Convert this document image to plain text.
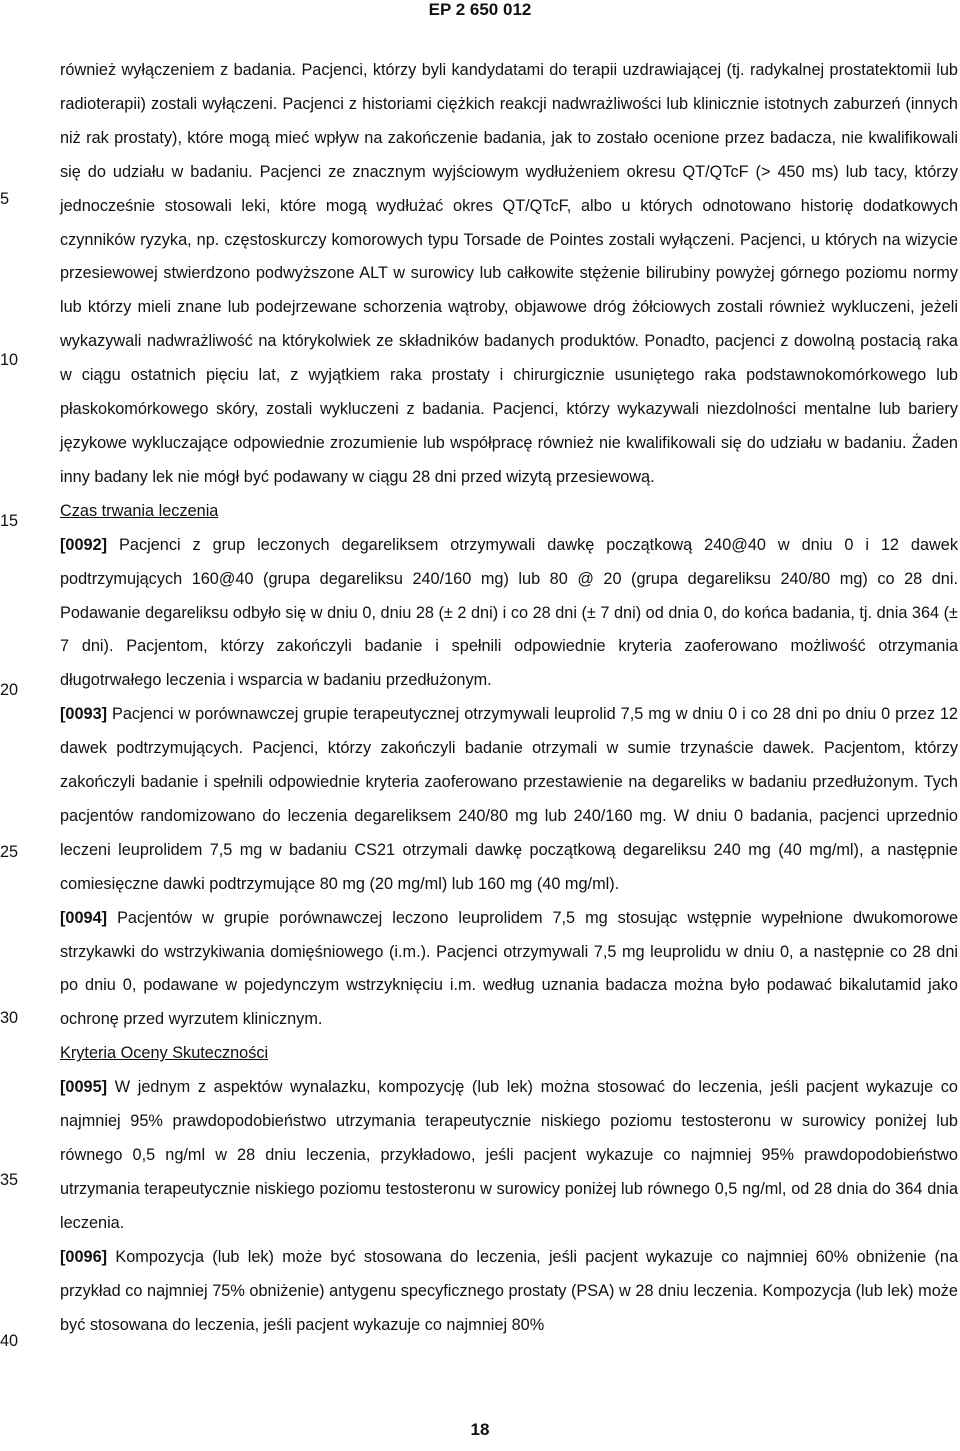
EP 2 650 012
5
10
15
20
25
30
35
40

również wyłączeniem z badania. Pacjenci, którzy byli kandydatami do terapii uzdrawiającej (tj. radykalnej prostatektomii lub radioterapii) zostali wyłączeni. Pacjenci z historiami ciężkich reakcji nadwrażliwości lub klinicznie istotnych zaburzeń (innych niż rak prostaty), które mogą mieć wpływ na zakończenie badania, jak to zostało ocenione przez badacza, nie kwalifikowali się do udziału w badaniu. Pacjenci ze znacznym wyjściowym wydłużeniem okresu QT/QTcF (> 450 ms) lub tacy, którzy jednocześnie stosowali leki, które mogą wydłużać okres QT/QTcF, albo u których odnotowano historię dodatkowych czynników ryzyka, np. częstoskurczy komorowych typu Torsade de Pointes zostali wyłączeni. Pacjenci, u których na wizycie przesiewowej stwierdzono podwyższone ALT w surowicy lub całkowite stężenie bilirubiny powyżej górnego poziomu normy lub którzy mieli znane lub podejrzewane schorzenia wątroby, objawowe dróg żółciowych zostali również wykluczeni, jeżeli wykazywali nadwrażliwość na którykolwiek ze składników badanych produktów. Ponadto, pacjenci z dowolną postacią raka w ciągu ostatnich pięciu lat, z wyjątkiem raka prostaty i chirurgicznie usuniętego raka podstawnokomórkowego lub płaskokomórkowego skóry, zostali wykluczeni z badania. Pacjenci, którzy wykazywali niezdolności mentalne lub bariery językowe wykluczające odpowiednie zrozumienie lub współpracę również nie kwalifikowali się do udziału w badaniu. Żaden inny badany lek nie mógł być podawany w ciągu 28 dni przed wizytą przesiewową.

Czas trwania leczenia

[0092] Pacjenci z grup leczonych degareliksem otrzymywali dawkę początkową 240@40 w dniu 0 i 12 dawek podtrzymujących 160@40 (grupa degareliksu 240/160 mg) lub 80 @ 20 (grupa degareliksu 240/80 mg) co 28 dni. Podawanie degareliksu odbyło się w dniu 0, dniu 28 (± 2 dni) i co 28 dni (± 7 dni) od dnia 0, do końca badania, tj. dnia 364 (± 7 dni). Pacjentom, którzy zakończyli badanie i spełnili odpowiednie kryteria zaoferowano możliwość otrzymania długotrwałego leczenia i wsparcia w badaniu przedłużonym.

[0093] Pacjenci w porównawczej grupie terapeutycznej otrzymywali leuprolid 7,5 mg w dniu 0 i co 28 dni po dniu 0 przez 12 dawek podtrzymujących. Pacjenci, którzy zakończyli badanie otrzymali w sumie trzynaście dawek. Pacjentom, którzy zakończyli badanie i spełnili odpowiednie kryteria zaoferowano przestawienie na degareliks w badaniu przedłużonym. Tych pacjentów randomizowano do leczenia degareliksem 240/80 mg lub 240/160 mg. W dniu 0 badania, pacjenci uprzednio leczeni leuprolidem 7,5 mg w badaniu CS21 otrzymali dawkę początkową degareliksu 240 mg (40 mg/ml), a następnie comiesięczne dawki podtrzymujące 80 mg (20 mg/ml) lub 160 mg (40 mg/ml).

[0094] Pacjentów w grupie porównawczej leczono leuprolidem 7,5 mg stosując wstępnie wypełnione dwukomorowe strzykawki do wstrzykiwania domięśniowego (i.m.). Pacjenci otrzymywali 7,5 mg leuprolidu w dniu 0, a następnie co 28 dni po dniu 0, podawane w pojedynczym wstrzyknięciu i.m. według uznania badacza można było podawać bikalutamid jako ochronę przed wyrzutem klinicznym.

Kryteria Oceny Skuteczności

[0095] W jednym z aspektów wynalazku, kompozycję (lub lek) można stosować do leczenia, jeśli pacjent wykazuje co najmniej 95% prawdopodobieństwo utrzymania terapeutycznie niskiego poziomu testosteronu w surowicy poniżej lub równego 0,5 ng/ml w 28 dniu leczenia, przykładowo, jeśli pacjent wykazuje co najmniej 95% prawdopodobieństwo utrzymania terapeutycznie niskiego poziomu testosteronu w surowicy poniżej lub równego 0,5 ng/ml, od 28 dnia do 364 dnia leczenia.

[0096] Kompozycja (lub lek) może być stosowana do leczenia, jeśli pacjent wykazuje co najmniej 60% obniżenie (na przykład co najmniej 75% obniżenie) antygenu specyficznego prostaty (PSA) w 28 dniu leczenia. Kompozycja (lub lek) może być stosowana do leczenia, jeśli pacjent wykazuje co najmniej 80%

18
